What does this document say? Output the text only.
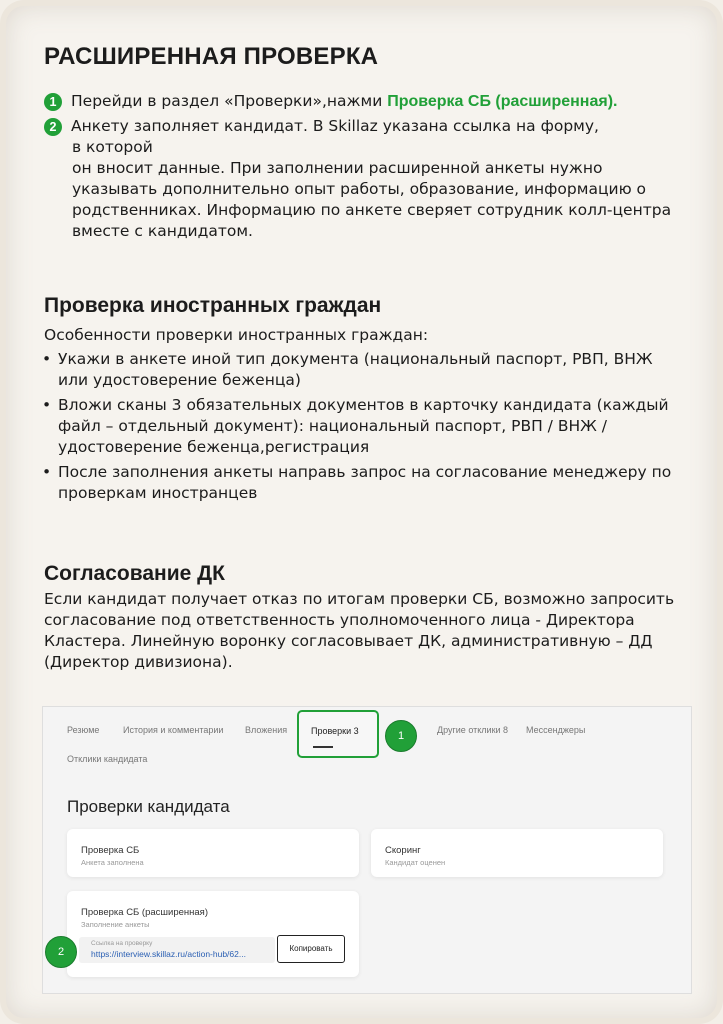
РАСШИРЕННАЯ ПРОВЕРКА
1 Перейди в раздел «Проверки»,нажми Проверка СБ (расширенная).
2 Анкету заполняет кандидат. В Skillaz указана ссылка на форму,
в которой
он вносит данные. При заполнении расширенной анкеты нужно указывать дополнительно опыт работы, образование, информацию о родственниках. Информацию по анкете сверяет сотрудник колл-центра вместе с кандидатом.
Проверка иностранных граждан
Особенности проверки иностранных граждан:
• Укажи в анкете иной тип документа (национальный паспорт, РВП, ВНЖ или удостоверение беженца)
• Вложи сканы 3 обязательных документов в карточку кандидата (каждый файл – отдельный документ): национальный паспорт, РВП / ВНЖ /удостоверение беженца,регистрация
• После заполнения анкеты направь запрос на согласование менеджеру по проверкам иностранцев
Согласование ДК
Если кандидат получает отказ по итогам проверки СБ, возможно запросить согласование под ответственность уполномоченного лица - Директора Кластера. Линейную воронку согласовывает ДК, административную – ДД (Директор дивизиона).
Резюме	История и комментарии Вложения	Проверки 3	Другие отклики 8 Мессенджеры
Отклики кандидата
1
Проверки кандидата
Проверка СБ
Анкета заполнена
Скоринг
Кандидат оценен
Проверка СБ (расширенная)
Заполнение анкеты
Ссылка на проверку
https://interview.skillaz.ru/action-hub/62...
Копировать
2
